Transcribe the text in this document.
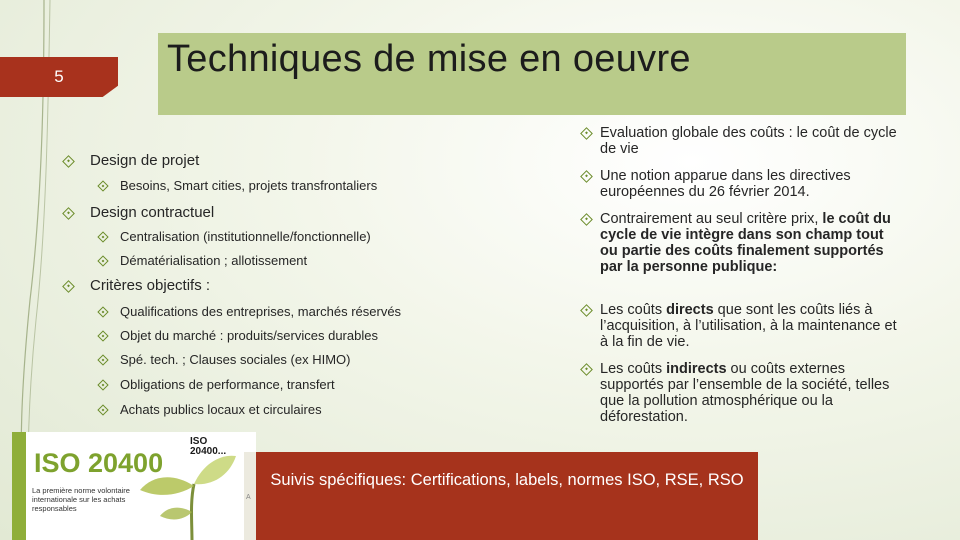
5	Techniques de mise en oeuvre
Design de projet
Besoins, Smart cities, projets transfrontaliers
Design contractuel
Centralisation (institutionnelle/fonctionnelle)
Dématérialisation ; allotissement
Critères objectifs :
Qualifications des entreprises, marchés réservés
Objet du marché : produits/services durables
Spé. tech. ; Clauses sociales (ex HIMO)
Obligations de performance, transfert
Achats publics locaux et circulaires
Evaluation globale des coûts : le coût de cycle de vie
Une notion apparue dans les directives européennes du 26 février 2014.
Contrairement au seul critère prix, le coût du cycle de vie intègre dans son champ tout ou partie des coûts finalement supportés par la personne publique:
Les coûts directs que sont les coûts liés à l’acquisition, à l’utilisation, à la maintenance et à la fin de vie.
Les coûts indirects ou coûts externes supportés par l’ensemble de la société, telles que la pollution atmosphérique ou la déforestation.
ISO 20400
La première norme volontaire internationale sur les achats responsables
ISO
20400...
A
Suivis spécifiques: Certifications, labels, normes ISO, RSE, RSO
